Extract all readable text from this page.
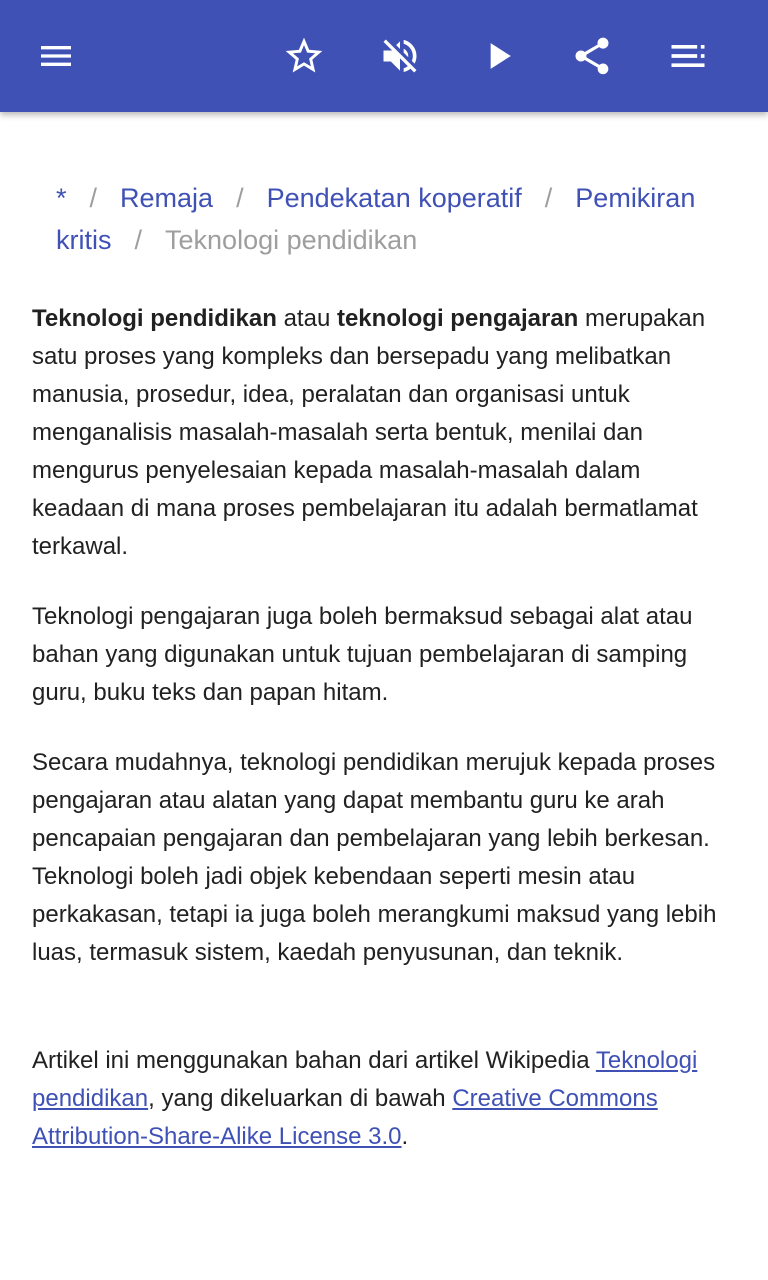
* / Remaja / Pendekatan koperatif / Pemikiran kritis / Teknologi pendidikan

Teknologi pendidikan atau teknologi pengajaran merupakan satu proses yang kompleks dan bersepadu yang melibatkan manusia, prosedur, idea, peralatan dan organisasi untuk menganalisis masalah-masalah serta bentuk, menilai dan mengurus penyelesaian kepada masalah-masalah dalam keadaan di mana proses pembelajaran itu adalah bermatlamat terkawal.

Teknologi pengajaran juga boleh bermaksud sebagai alat atau bahan yang digunakan untuk tujuan pembelajaran di samping guru, buku teks dan papan hitam.

Secara mudahnya, teknologi pendidikan merujuk kepada proses pengajaran atau alatan yang dapat membantu guru ke arah pencapaian pengajaran dan pembelajaran yang lebih berkesan. Teknologi boleh jadi objek kebendaan seperti mesin atau perkakasan, tetapi ia juga boleh merangkumi maksud yang lebih luas, termasuk sistem, kaedah penyusunan, dan teknik.

Artikel ini menggunakan bahan dari artikel Wikipedia Teknologi pendidikan, yang dikeluarkan di bawah Creative Commons Attribution-Share-Alike License 3.0.
